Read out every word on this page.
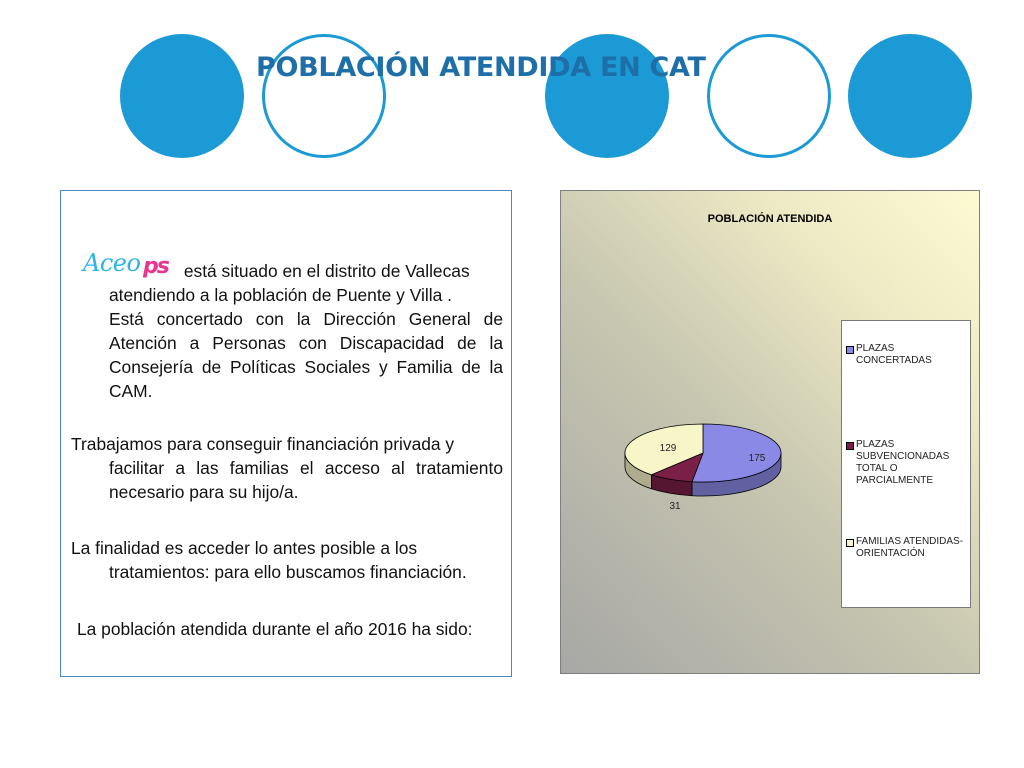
POBLACIÓN ATENDIDA EN CAT
Aceo ps está situado en el distrito de Vallecas
atendiendo a la población de Puente y Villa .
Está concertado con la Dirección General de Atención a Personas con Discapacidad de la Consejería de Políticas Sociales y Familia de la CAM.
Trabajamos para conseguir financiación privada y
facilitar a las familias el acceso al tratamiento necesario para su hijo/a.
La finalidad es acceder lo antes posible a los
tratamientos: para ello buscamos financiación.
La población atendida durante el año 2016 ha sido:
POBLACIÓN ATENDIDA
175
31
129
PLAZAS CONCERTADAS
PLAZAS SUBVENCIONADAS TOTAL O PARCIALMENTE
FAMILIAS ATENDIDAS- ORIENTACIÓN
